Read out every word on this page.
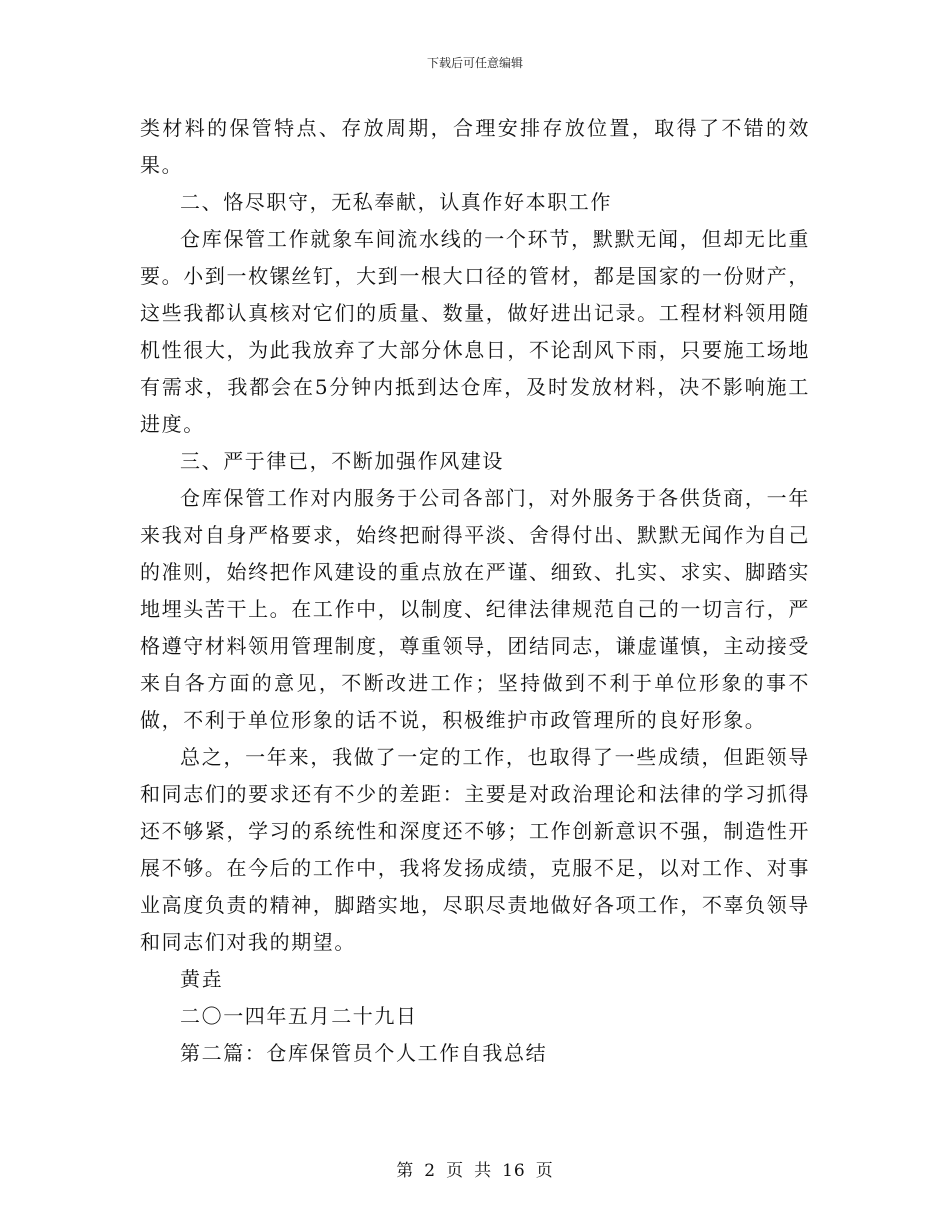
下载后可任意编辑

类材料的保管特点、存放周期，合理安排存放位置，取得了不错的效果。

二、恪尽职守，无私奉献，认真作好本职工作

仓库保管工作就象车间流水线的一个环节，默默无闻，但却无比重要。小到一枚镙丝钉，大到一根大口径的管材，都是国家的一份财产，这些我都认真核对它们的质量、数量，做好进出记录。工程材料领用随机性很大，为此我放弃了大部分休息日，不论刮风下雨，只要施工场地有需求，我都会在5分钟内抵到达仓库，及时发放材料，决不影响施工进度。

三、严于律已，不断加强作风建设

仓库保管工作对内服务于公司各部门，对外服务于各供货商，一年来我对自身严格要求，始终把耐得平淡、舍得付出、默默无闻作为自己的准则，始终把作风建设的重点放在严谨、细致、扎实、求实、脚踏实地埋头苦干上。在工作中，以制度、纪律法律规范自己的一切言行，严格遵守材料领用管理制度，尊重领导，团结同志，谦虚谨慎，主动接受来自各方面的意见，不断改进工作；坚持做到不利于单位形象的事不做，不利于单位形象的话不说，积极维护市政管理所的良好形象。

总之，一年来，我做了一定的工作，也取得了一些成绩，但距领导和同志们的要求还有不少的差距：主要是对政治理论和法律的学习抓得还不够紧，学习的系统性和深度还不够；工作创新意识不强，制造性开展不够。在今后的工作中，我将发扬成绩，克服不足，以对工作、对事业高度负责的精神，脚踏实地，尽职尽责地做好各项工作，不辜负领导和同志们对我的期望。

黄垚

二〇一四年五月二十九日

第二篇：仓库保管员个人工作自我总结

第 2 页 共 16 页
